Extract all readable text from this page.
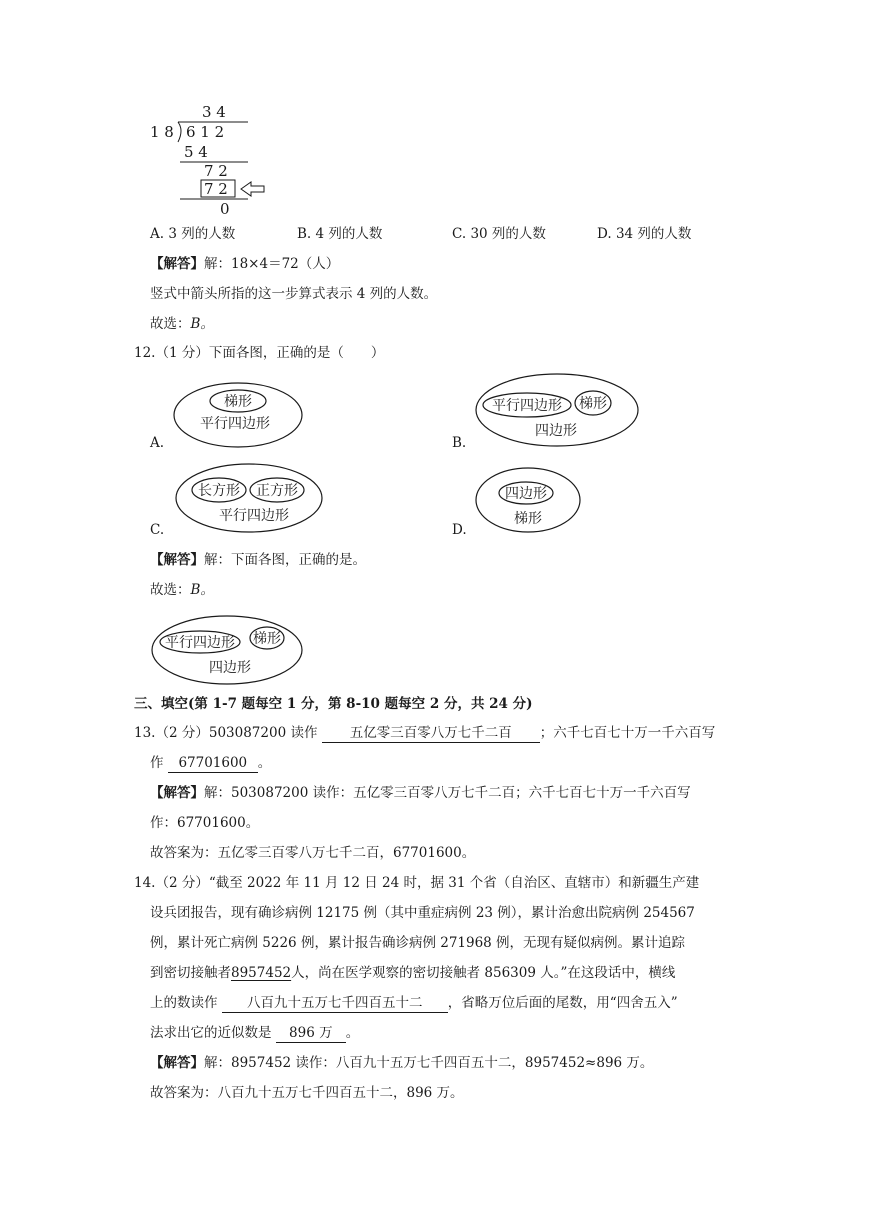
3 4
1 8 6 1 2
5 4
7 2
7 2
0
A. 3 列的人数	B. 4 列的人数	C. 30 列的人数	D. 34 列的人数
【解答】解：18×4＝72（人）
竖式中箭头所指的这一步算式表示 4 列的人数。
故选：B。
12.（1 分）下面各图，正确的是（　　）
A.
梯形
平行四边形
B.
平行四边形 梯形
四边形
C.
长方形 正方形
平行四边形
D.
四边形
梯形
【解答】解：下面各图，正确的是。
故选：B。
平行四边形 梯形
四边形
三、填空(第 1-7 题每空 1 分，第 8-10 题每空 2 分，共 24 分)
13.（2 分）503087200 读作 五亿零三百零八万七千二百 ；六千七百七十万一千六百写
作 67701600 。
【解答】解：503087200 读作：五亿零三百零八万七千二百；六千七百七十万一千六百写
作：67701600。
故答案为：五亿零三百零八万七千二百，67701600。
14.（2 分）“截至 2022 年 11 月 12 日 24 时，据 31 个省（自治区、直辖市）和新疆生产建
设兵团报告，现有确诊病例 12175 例（其中重症病例 23 例），累计治愈出院病例 254567
例，累计死亡病例 5226 例，累计报告确诊病例 271968 例，无现有疑似病例。累计追踪
到密切接触者8957452人，尚在医学观察的密切接触者 856309 人。”在这段话中，横线
上的数读作 八百九十五万七千四百五十二 ，省略万位后面的尾数，用“四舍五入”
法求出它的近似数是 896 万 。
【解答】解：8957452 读作：八百九十五万七千四百五十二，8957452≈896 万。
故答案为：八百九十五万七千四百五十二，896 万。
